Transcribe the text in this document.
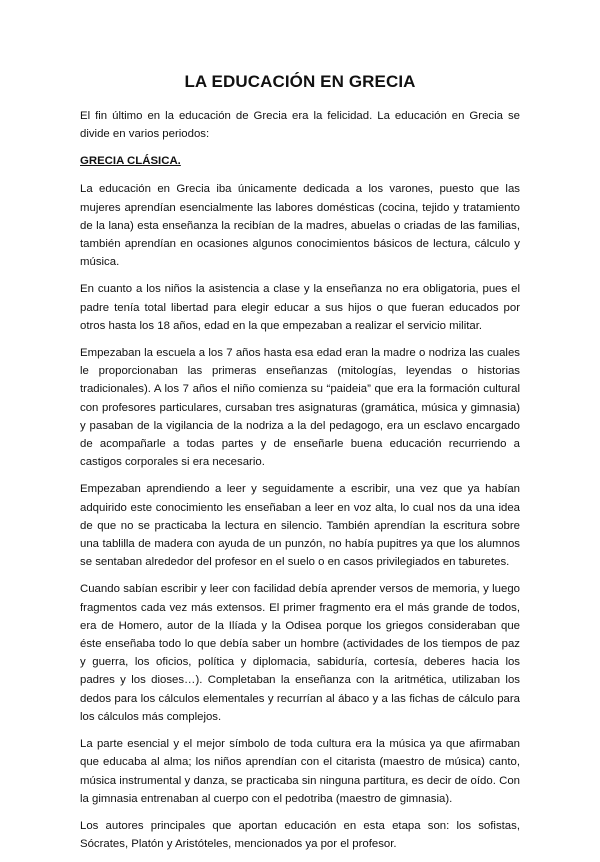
LA EDUCACIÓN EN GRECIA

El fin último en la educación de Grecia era la felicidad. La educación en Grecia se divide en varios periodos:

GRECIA CLÁSICA.

La educación en Grecia iba únicamente dedicada a los varones, puesto que las mujeres aprendían esencialmente las labores domésticas (cocina, tejido y tratamiento de la lana) esta enseñanza la recibían de la madres, abuelas o criadas de las familias, también aprendían en ocasiones algunos conocimientos básicos de lectura, cálculo y música.

En cuanto a los niños la asistencia a clase y la enseñanza no era obligatoria, pues el padre tenía total libertad para elegir educar a sus hijos o que fueran educados por otros hasta los 18 años, edad en la que empezaban a realizar el servicio militar.

Empezaban la escuela a los 7 años hasta esa edad eran la madre o nodriza las cuales le proporcionaban las primeras enseñanzas (mitologías, leyendas o historias tradicionales). A los 7 años el niño comienza su “paideia” que era la formación cultural con profesores particulares, cursaban tres asignaturas (gramática, música y gimnasia) y pasaban de la vigilancia de la nodriza a la del pedagogo, era un esclavo encargado de acompañarle a todas partes y de enseñarle buena educación recurriendo a castigos corporales si era necesario.

Empezaban aprendiendo a leer y seguidamente a escribir, una vez que ya habían adquirido este conocimiento les enseñaban a leer en voz alta, lo cual nos da una idea de que no se practicaba la lectura en silencio. También aprendían la escritura sobre una tablilla de madera con ayuda de un punzón, no había pupitres ya que los alumnos se sentaban alrededor del profesor en el suelo o en casos privilegiados en taburetes.

Cuando sabían escribir y leer con facilidad debía aprender versos de memoria, y luego fragmentos cada vez más extensos. El primer fragmento era el más grande de todos, era de Homero, autor de la Ilíada y la Odisea porque los griegos consideraban que éste enseñaba todo lo que debía saber un hombre (actividades de los tiempos de paz y guerra, los oficios, política y diplomacia, sabiduría, cortesía, deberes hacia los padres y los dioses…). Completaban la enseñanza con la aritmética, utilizaban los dedos para los cálculos elementales y recurrían al ábaco y a las fichas de cálculo para los cálculos más complejos.

La parte esencial y el mejor símbolo de toda cultura era la música ya que afirmaban que educaba al alma; los niños aprendían con el citarista (maestro de música) canto, música instrumental y danza, se practicaba sin ninguna partitura, es decir de oído. Con la gimnasia entrenaban al cuerpo con el pedotriba (maestro de gimnasia).

Los autores principales que aportan educación en esta etapa son: los sofistas, Sócrates, Platón y Aristóteles, mencionados ya por el profesor.
